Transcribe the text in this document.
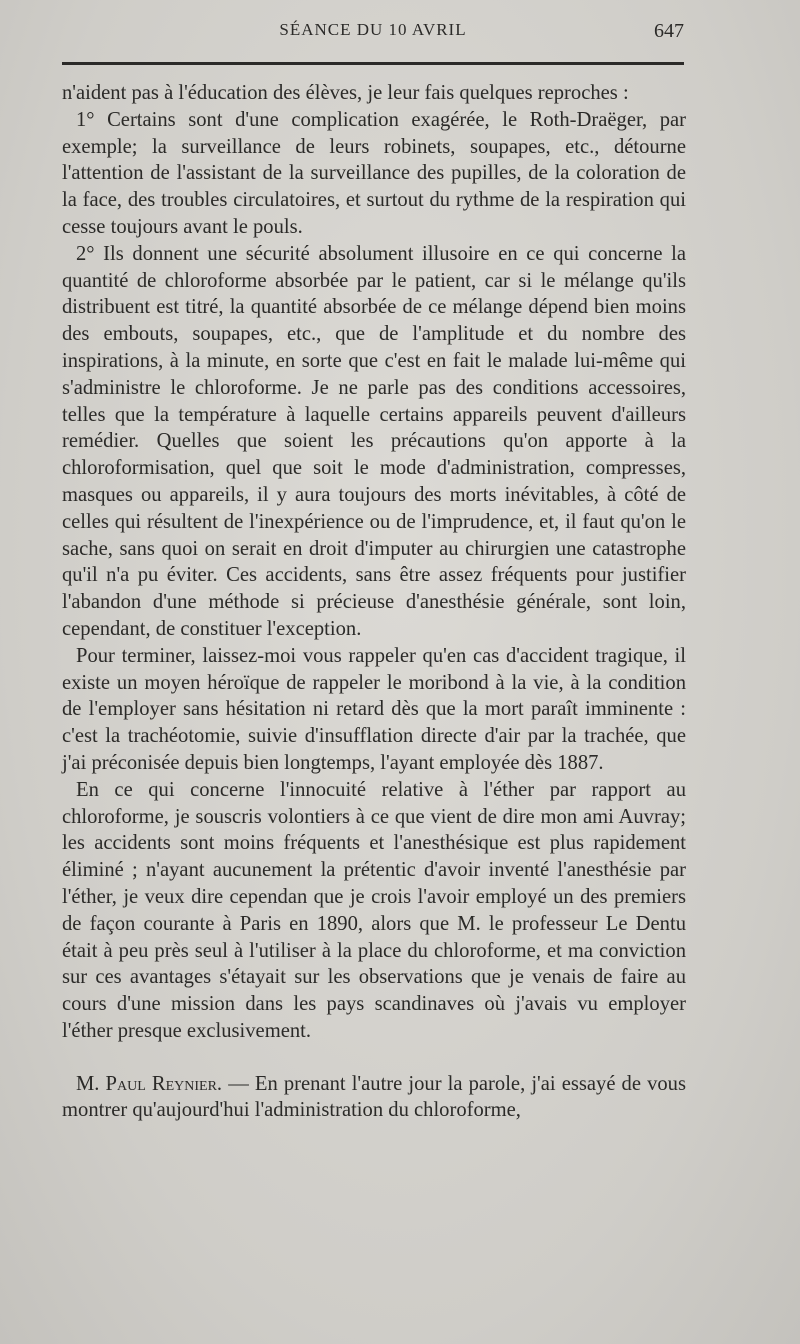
SÉANCE DU 10 AVRIL	647

n'aident pas à l'éducation des élèves, je leur fais quelques reproches :

1° Certains sont d'une complication exagérée, le Roth-Draëger, par exemple; la surveillance de leurs robinets, soupapes, etc., détourne l'attention de l'assistant de la surveillance des pupilles, de la coloration de la face, des troubles circulatoires, et surtout du rythme de la respiration qui cesse toujours avant le pouls.

2° Ils donnent une sécurité absolument illusoire en ce qui concerne la quantité de chloroforme absorbée par le patient, car si le mélange qu'ils distribuent est titré, la quantité absorbée de ce mélange dépend bien moins des embouts, soupapes, etc., que de l'amplitude et du nombre des inspirations, à la minute, en sorte que c'est en fait le malade lui-même qui s'administre le chloroforme. Je ne parle pas des conditions accessoires, telles que la température à laquelle certains appareils peuvent d'ailleurs remédier. Quelles que soient les précautions qu'on apporte à la chloroformisation, quel que soit le mode d'administration, compresses, masques ou appareils, il y aura toujours des morts inévitables, à côté de celles qui résultent de l'inexpérience ou de l'imprudence, et, il faut qu'on le sache, sans quoi on serait en droit d'imputer au chirurgien une catastrophe qu'il n'a pu éviter. Ces accidents, sans être assez fréquents pour justifier l'abandon d'une méthode si précieuse d'anesthésie générale, sont loin, cependant, de constituer l'exception.

Pour terminer, laissez-moi vous rappeler qu'en cas d'accident tragique, il existe un moyen héroïque de rappeler le moribond à la vie, à la condition de l'employer sans hésitation ni retard dès que la mort paraît imminente : c'est la trachéotomie, suivie d'insufflation directe d'air par la trachée, que j'ai préconisée depuis bien longtemps, l'ayant employée dès 1887.

En ce qui concerne l'innocuité relative à l'éther par rapport au chloroforme, je souscris volontiers à ce que vient de dire mon ami Auvray; les accidents sont moins fréquents et l'anesthésique est plus rapidement éliminé ; n'ayant aucunement la prétentic d'avoir inventé l'anesthésie par l'éther, je veux dire cependan que je crois l'avoir employé un des premiers de façon courante à Paris en 1890, alors que M. le professeur Le Dentu était à peu près seul à l'utiliser à la place du chloroforme, et ma conviction sur ces avantages s'étayait sur les observations que je venais de faire au cours d'une mission dans les pays scandinaves où j'avais vu employer l'éther presque exclusivement.

M. Paul Reynier. — En prenant l'autre jour la parole, j'ai essayé de vous montrer qu'aujourd'hui l'administration du chloroforme,
